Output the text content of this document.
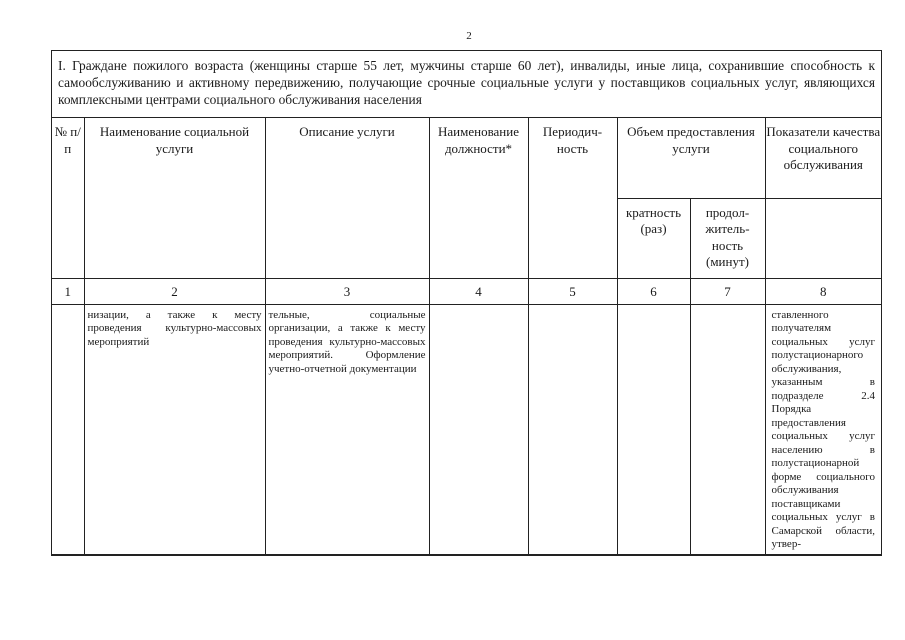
2
I. Граждане пожилого возраста (женщины старше 55 лет, мужчины старше 60 лет), инвалиды, иные лица, сохранившие способность к самообслуживанию и активному передвижению, получающие срочные социальные услуги у поставщиков социальных услуг, являющихся комплексными центрами социального обслуживания населения
№ п/п	Наименование социальной услуги	Описание услуги	Наименование должности*	Периодич-ность	Объем предоставления услуги		Показатели качества социального обслуживания
					кратность (раз)	продол-житель-ность (минут)	
1	2	3	4	5	6	7	8
	низации, а также к месту проведения культурно-массовых мероприятий	тельные, социальные организации, а также к месту проведения культурно-массовых мероприятий. Оформление учетно-отчетной документации					ставленного получателям социальных услуг полустационарного обслуживания, указанным в подразделе 2.4 Порядка предоставления социальных услуг населению в полустационарной форме социального обслуживания поставщиками социальных услуг в Самарской области, утвер-
